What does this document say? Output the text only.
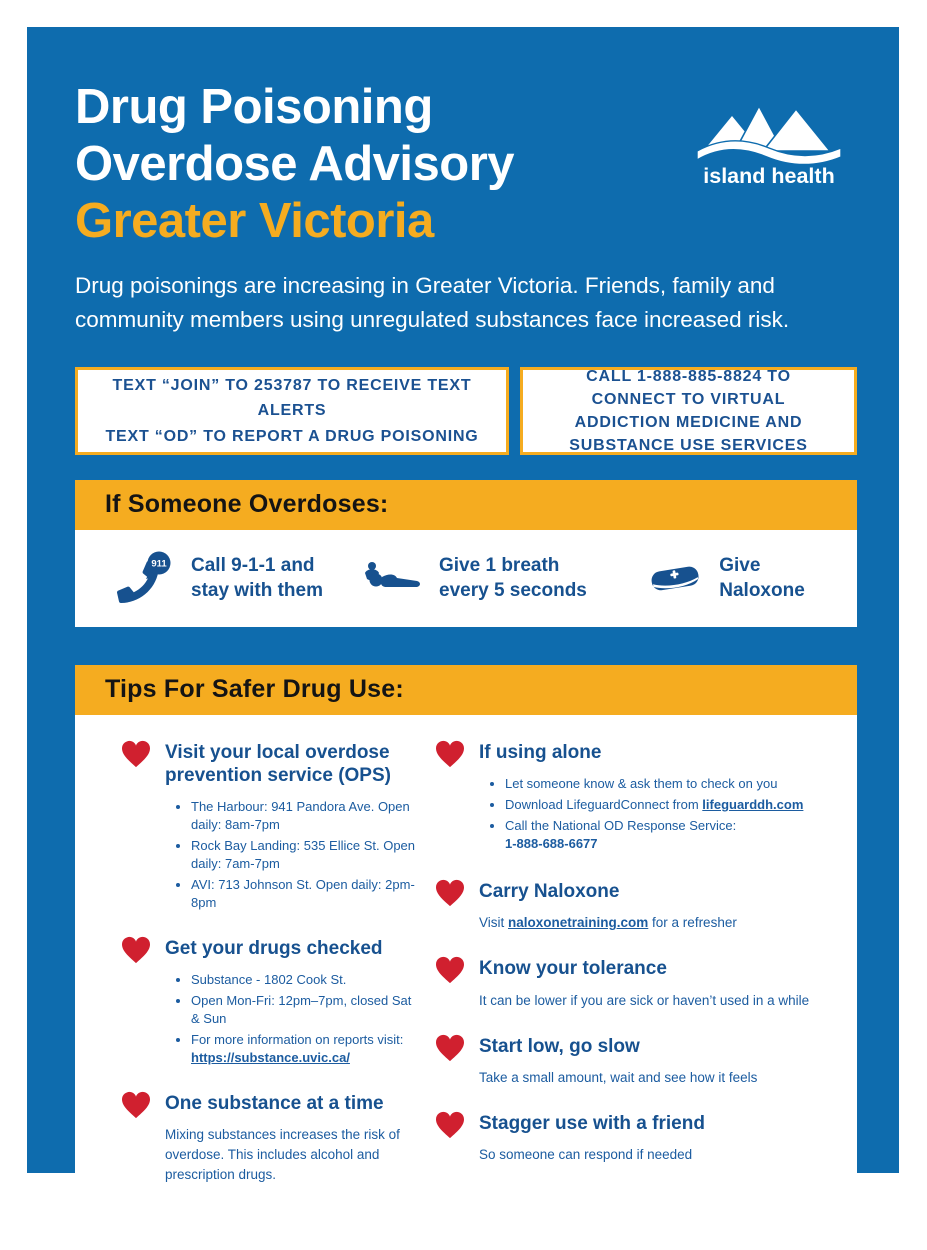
Drug Poisoning
Overdose Advisory
Greater Victoria
island health
Drug poisonings are increasing in Greater Victoria. Friends, family and community members using unregulated substances face increased risk.
TEXT “JOIN” TO 253787 TO RECEIVE TEXT ALERTS
TEXT “OD” TO REPORT A DRUG POISONING
CALL 1-888-885-8824 TO CONNECT TO VIRTUAL ADDICTION MEDICINE AND SUBSTANCE USE SERVICES
If Someone Overdoses:
911 Call 9-1-1 and stay with them
Give 1 breath every 5 seconds
Give Naloxone
Tips For Safer Drug Use:
Visit your local overdose prevention service (OPS)
• The Harbour: 941 Pandora Ave. Open daily: 8am-7pm
• Rock Bay Landing: 535 Ellice St. Open daily: 7am-7pm
• AVI: 713 Johnson St. Open daily: 2pm-8pm
Get your drugs checked
• Substance - 1802 Cook St.
• Open Mon-Fri: 12pm–7pm, closed Sat & Sun
• For more information on reports visit:
https://substance.uvic.ca/
One substance at a time
Mixing substances increases the risk of overdose. This includes alcohol and prescription drugs.
If using alone
• Let someone know & ask them to check on you
• Download LifeguardConnect from lifeguarddh.com
• Call the National OD Response Service:
1-888-688-6677
Carry Naloxone
Visit naloxonetraining.com for a refresher
Know your tolerance
It can be lower if you are sick or haven’t used in a while
Start low, go slow
Take a small amount, wait and see how it feels
Stagger use with a friend
So someone can respond if needed
ISSUED: February 6, 2026 - PLEASE REMOVE AFTER 7 DAYS
